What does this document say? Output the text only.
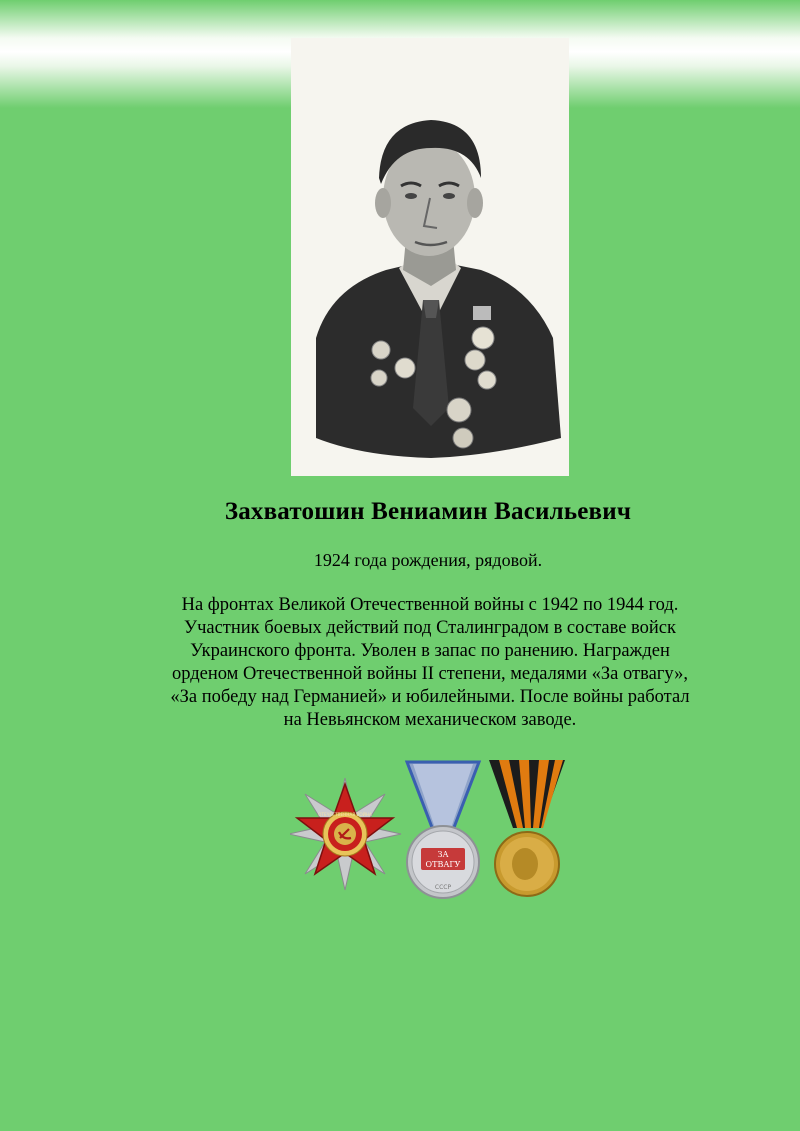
Захватошин Вениамин Васильевич
1924 года рождения, рядовой.
На фронтах Великой Отечественной войны с 1942 по 1944 год.
Участник боевых действий под Сталинградом в составе войск
Украинского фронта. Уволен в запас по ранению. Награжден
орденом Отечественной войны II степени, медалями «За отвагу»,
«За победу над Германией» и юбилейными. После войны работал
на Невьянском механическом заводе.
ОТЕЧЕСТВЕННАЯ ВОЙНА
ЗА
ОТВАГУ
СССР
